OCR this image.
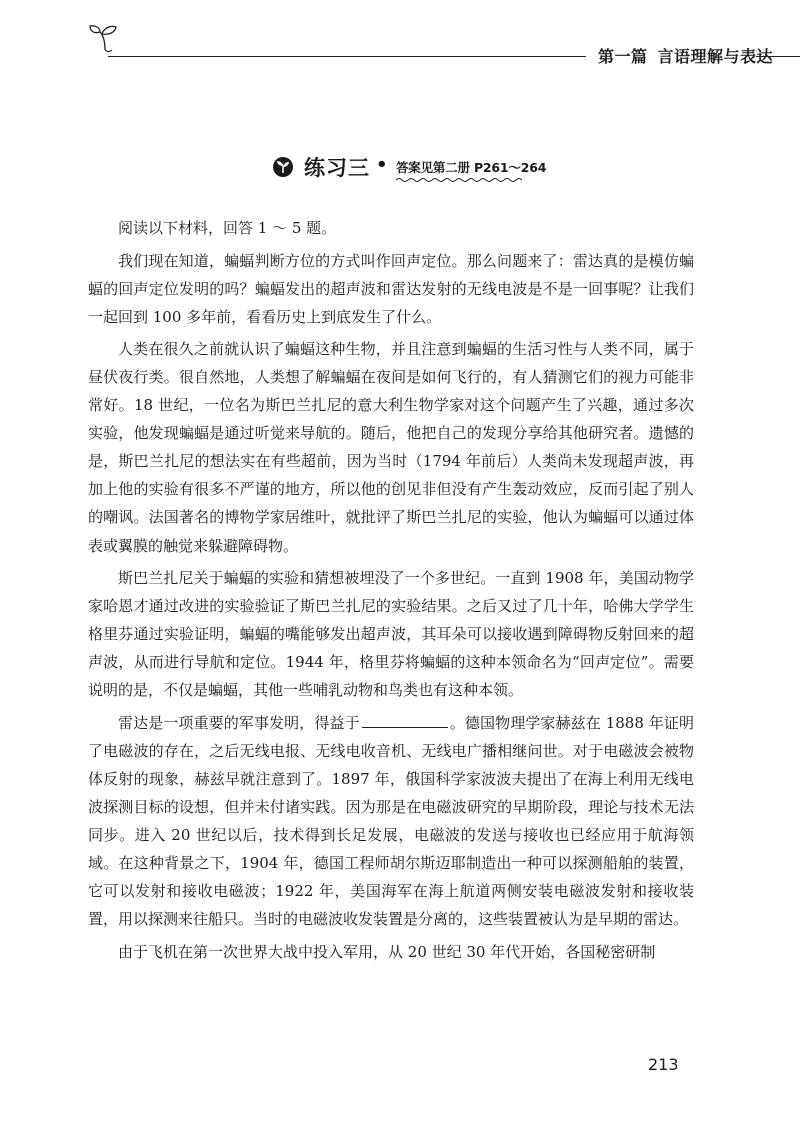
第一篇 言语理解与表达
练习三 • 答案见第二册 P261～264

阅读以下材料，回答 1 ～ 5 题。

我们现在知道，蝙蝠判断方位的方式叫作回声定位。那么问题来了：雷达真的是模仿蝙蝠的回声定位发明的吗？蝙蝠发出的超声波和雷达发射的无线电波是不是一回事呢？让我们一起回到 100 多年前，看看历史上到底发生了什么。

人类在很久之前就认识了蝙蝠这种生物，并且注意到蝙蝠的生活习性与人类不同，属于昼伏夜行类。很自然地，人类想了解蝙蝠在夜间是如何飞行的，有人猜测它们的视力可能非常好。18 世纪，一位名为斯巴兰扎尼的意大利生物学家对这个问题产生了兴趣，通过多次实验，他发现蝙蝠是通过听觉来导航的。随后，他把自己的发现分享给其他研究者。遗憾的是，斯巴兰扎尼的想法实在有些超前，因为当时（1794 年前后）人类尚未发现超声波，再加上他的实验有很多不严谨的地方，所以他的创见非但没有产生轰动效应，反而引起了别人的嘲讽。法国著名的博物学家居维叶，就批评了斯巴兰扎尼的实验，他认为蝙蝠可以通过体表或翼膜的触觉来躲避障碍物。

斯巴兰扎尼关于蝙蝠的实验和猜想被埋没了一个多世纪。一直到 1908 年，美国动物学家哈恩才通过改进的实验验证了斯巴兰扎尼的实验结果。之后又过了几十年，哈佛大学学生格里芬通过实验证明，蝙蝠的嘴能够发出超声波，其耳朵可以接收遇到障碍物反射回来的超声波，从而进行导航和定位。1944 年，格里芬将蝙蝠的这种本领命名为“回声定位”。需要说明的是，不仅是蝙蝠，其他一些哺乳动物和鸟类也有这种本领。

雷达是一项重要的军事发明，得益于	。德国物理学家赫兹在 1888 年证明了电磁波的存在，之后无线电报、无线电收音机、无线电广播相继问世。对于电磁波会被物体反射的现象，赫兹早就注意到了。1897 年，俄国科学家波波夫提出了在海上利用无线电波探测目标的设想，但并未付诸实践。因为那是在电磁波研究的早期阶段，理论与技术无法同步。进入 20 世纪以后，技术得到长足发展，电磁波的发送与接收也已经应用于航海领域。在这种背景之下，1904 年，德国工程师胡尔斯迈耶制造出一种可以探测船舶的装置，它可以发射和接收电磁波；1922 年，美国海军在海上航道两侧安装电磁波发射和接收装置，用以探测来往船只。当时的电磁波收发装置是分离的，这些装置被认为是早期的雷达。

由于飞机在第一次世界大战中投入军用，从 20 世纪 30 年代开始，各国秘密研制

213
